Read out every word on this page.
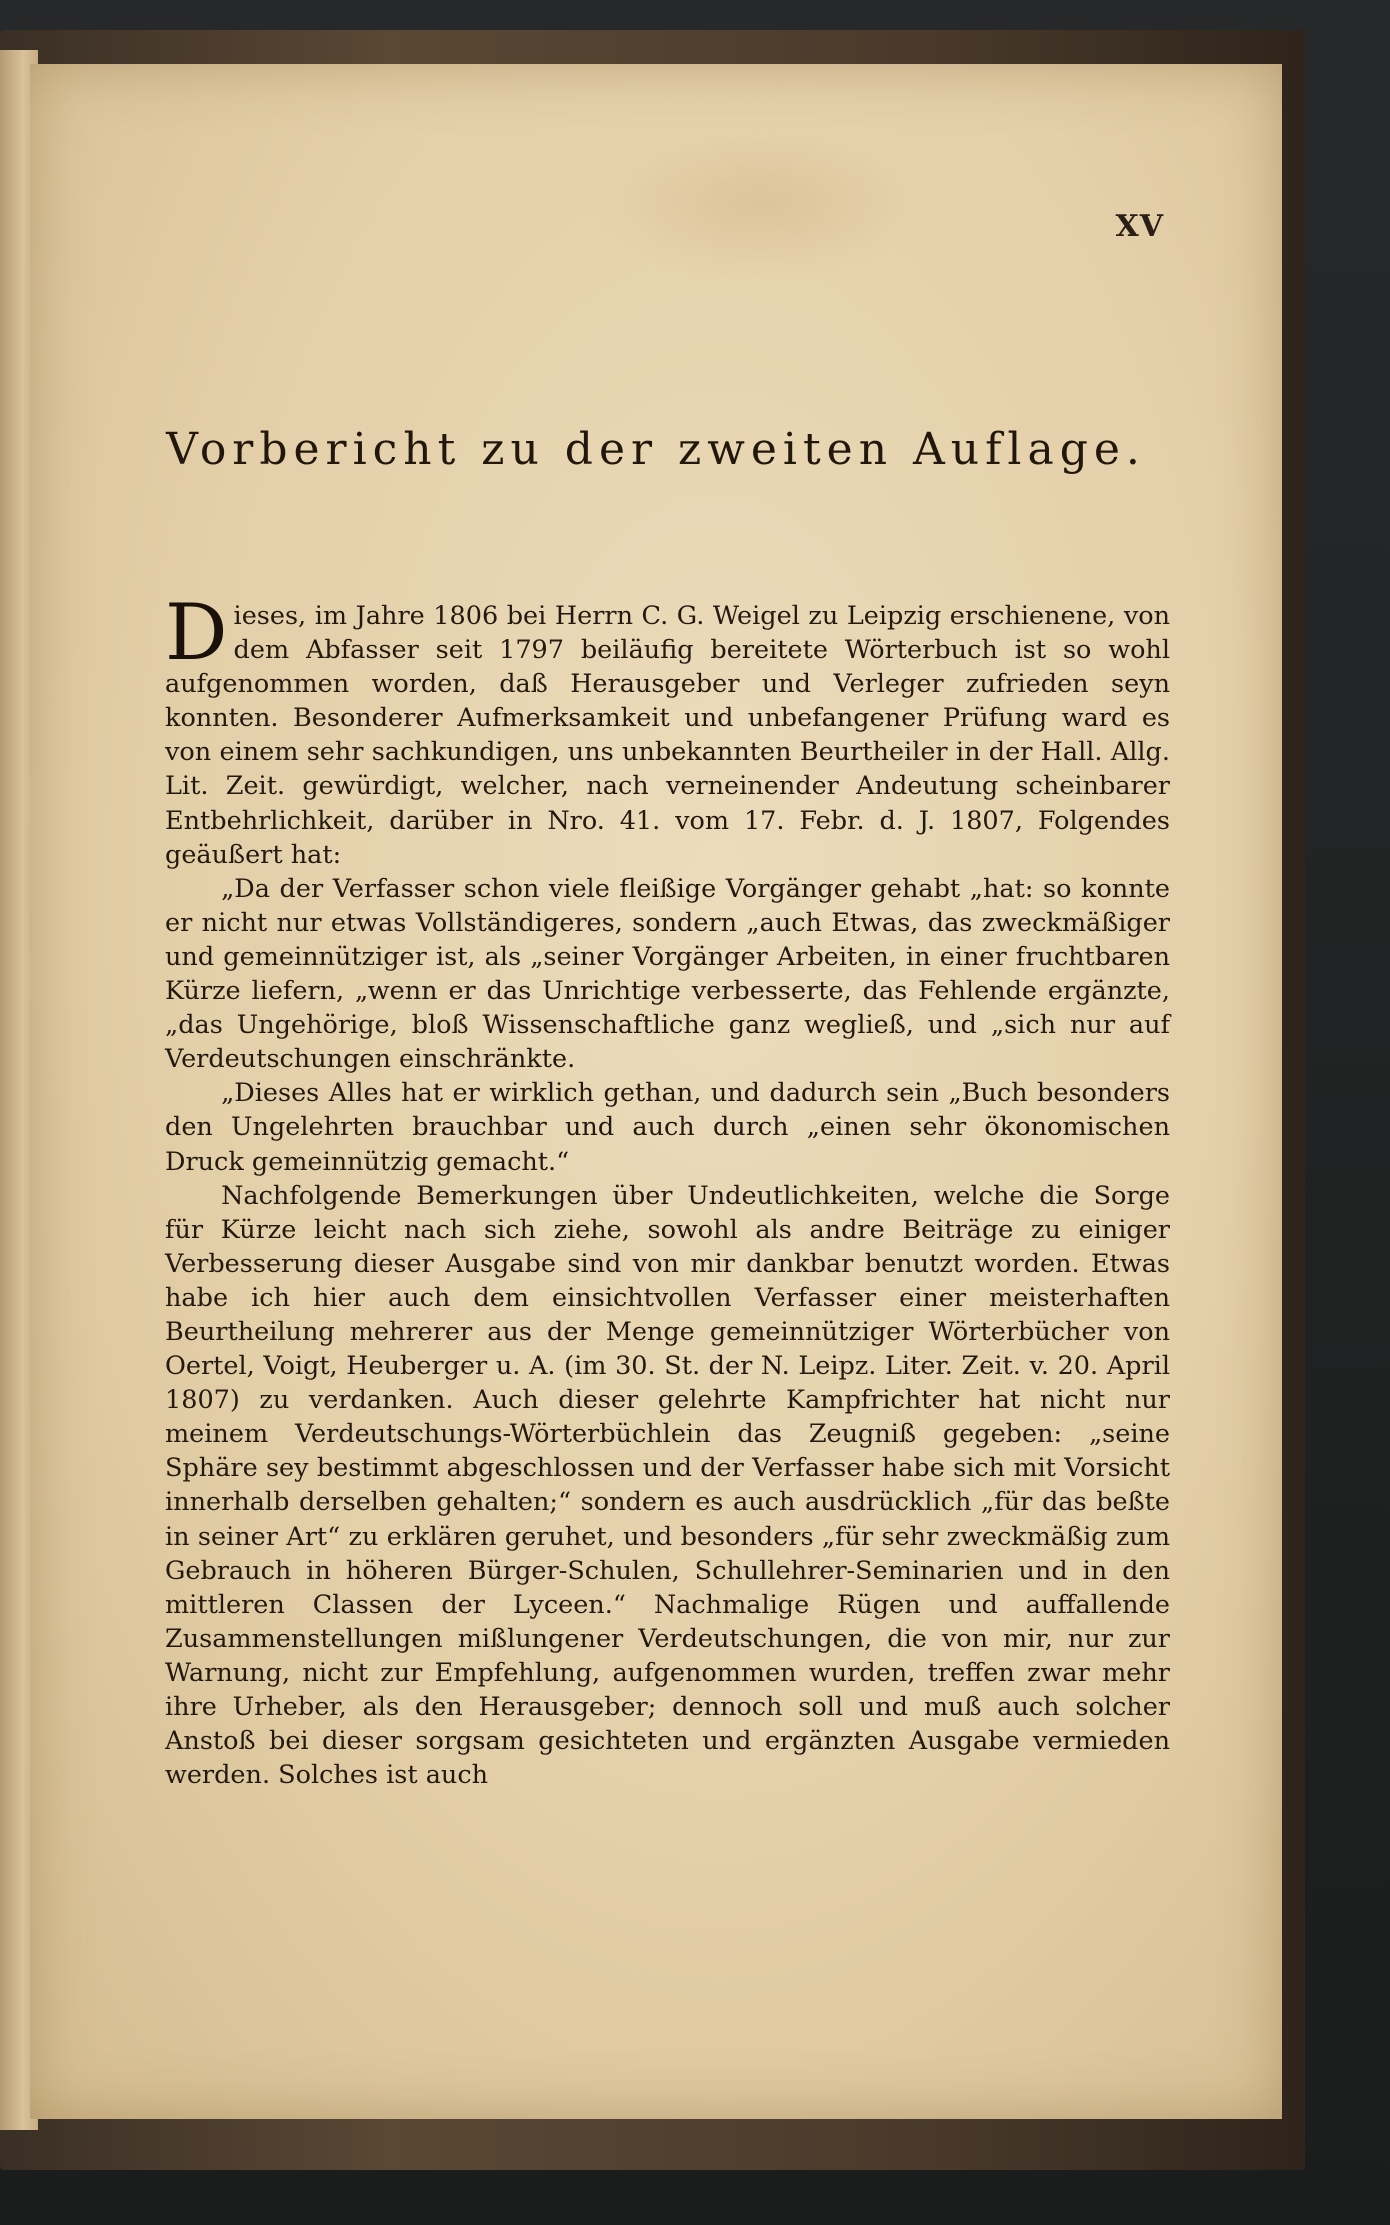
XV
Vorbericht zu der zweiten Auflage.

Dieses, im Jahre 1806 bei Herrn C. G. Weigel zu Leipzig erschienene, von dem Abfasser seit 1797 beiläufig bereitete Wörterbuch ist so wohl aufgenommen worden, daß Herausgeber und Verleger zufrieden seyn konnten. Besonderer Aufmerksamkeit und unbefangener Prüfung ward es von einem sehr sachkundigen, uns unbekannten Beurtheiler in der Hall. Allg. Lit. Zeit. gewürdigt, welcher, nach verneinender Andeutung scheinbarer Entbehrlichkeit, darüber in Nro. 41. vom 17. Febr. d. J. 1807, Folgendes geäußert hat:

„Da der Verfasser schon viele fleißige Vorgänger gehabt „hat: so konnte er nicht nur etwas Vollständigeres, sondern „auch Etwas, das zweckmäßiger und gemeinnütziger ist, als „seiner Vorgänger Arbeiten, in einer fruchtbaren Kürze liefern, „wenn er das Unrichtige verbesserte, das Fehlende ergänzte, „das Ungehörige, bloß Wissenschaftliche ganz wegließ, und „sich nur auf Verdeutschungen einschränkte.

„Dieses Alles hat er wirklich gethan, und dadurch sein „Buch besonders den Ungelehrten brauchbar und auch durch „einen sehr ökonomischen Druck gemeinnützig gemacht.“

Nachfolgende Bemerkungen über Undeutlichkeiten, welche die Sorge für Kürze leicht nach sich ziehe, sowohl als andre Beiträge zu einiger Verbesserung dieser Ausgabe sind von mir dankbar benutzt worden. Etwas habe ich hier auch dem einsichtvollen Verfasser einer meisterhaften Beurtheilung mehrerer aus der Menge gemeinnütziger Wörterbücher von Oertel, Voigt, Heuberger u. A. (im 30. St. der N. Leipz. Liter. Zeit. v. 20. April 1807) zu verdanken. Auch dieser gelehrte Kampfrichter hat nicht nur meinem Verdeutschungs-Wörterbüchlein das Zeugniß gegeben: „seine Sphäre sey bestimmt abgeschlossen und der Verfasser habe sich mit Vorsicht innerhalb derselben gehalten;“ sondern es auch ausdrücklich „für das beßte in seiner Art“ zu erklären geruhet, und besonders „für sehr zweckmäßig zum Gebrauch in höheren Bürger-Schulen, Schullehrer-Seminarien und in den mittleren Classen der Lyceen.“ Nachmalige Rügen und auffallende Zusammenstellungen mißlungener Verdeutschungen, die von mir, nur zur Warnung, nicht zur Empfehlung, aufgenommen wurden, treffen zwar mehr ihre Urheber, als den Herausgeber; dennoch soll und muß auch solcher Anstoß bei dieser sorgsam gesichteten und ergänzten Ausgabe vermieden werden. Solches ist auch
